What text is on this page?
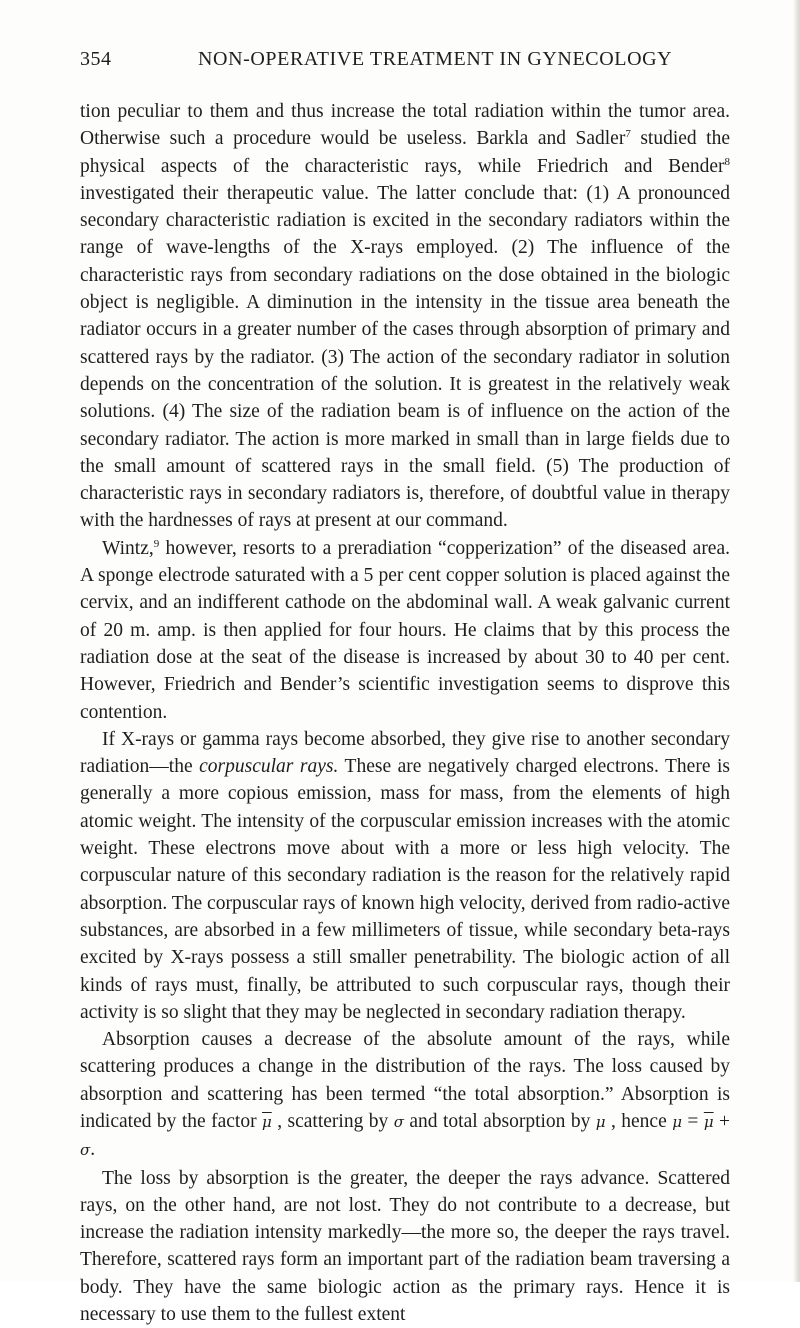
354	NON-OPERATIVE TREATMENT IN GYNECOLOGY

tion peculiar to them and thus increase the total radiation within the tumor area. Otherwise such a procedure would be useless. Barkla and Sadler$^7$ studied the physical aspects of the characteristic rays, while Friedrich and Bender$^8$ investigated their therapeutic value. The latter conclude that: (1) A pronounced secondary characteristic radiation is excited in the secondary radiators within the range of wave-lengths of the X-rays employed. (2) The influence of the characteristic rays from secondary radiations on the dose obtained in the biologic object is negligible. A diminution in the intensity in the tissue area beneath the radiator occurs in a greater number of the cases through absorption of primary and scattered rays by the radiator. (3) The action of the secondary radiator in solution depends on the concentration of the solution. It is greatest in the relatively weak solutions. (4) The size of the radiation beam is of influence on the action of the secondary radiator. The action is more marked in small than in large fields due to the small amount of scattered rays in the small field. (5) The production of characteristic rays in secondary radiators is, therefore, of doubtful value in therapy with the hardnesses of rays at present at our command.

Wintz,$^9$ however, resorts to a preradiation “copperization” of the diseased area. A sponge electrode saturated with a 5 per cent copper solution is placed against the cervix, and an indifferent cathode on the abdominal wall. A weak galvanic current of 20 m. amp. is then applied for four hours. He claims that by this process the radiation dose at the seat of the disease is increased by about 30 to 40 per cent. However, Friedrich and Bender’s scientific investigation seems to disprove this contention.

If X-rays or gamma rays become absorbed, they give rise to another secondary radiation—the corpuscular rays. These are negatively charged electrons. There is generally a more copious emission, mass for mass, from the elements of high atomic weight. The intensity of the corpuscular emission increases with the atomic weight. These electrons move about with a more or less high velocity. The corpuscular nature of this secondary radiation is the reason for the relatively rapid absorption. The corpuscular rays of known high velocity, derived from radio-active substances, are absorbed in a few millimeters of tissue, while secondary beta-rays excited by X-rays possess a still smaller penetrability. The biologic action of all kinds of rays must, finally, be attributed to such corpuscular rays, though their activity is so slight that they may be neglected in secondary radiation therapy.

Absorption causes a decrease of the absolute amount of the rays, while scattering produces a change in the distribution of the rays. The loss caused by absorption and scattering has been termed “the total absorption.” Absorption is indicated by the factor $\overline{\mu}$ , scattering by σ and total absorption by μ , hence $\mu = \overline{\mu} + \sigma$.

The loss by absorption is the greater, the deeper the rays advance. Scattered rays, on the other hand, are not lost. They do not contribute to a decrease, but increase the radiation intensity markedly—the more so, the deeper the rays travel. Therefore, scattered rays form an important part of the radiation beam traversing a body. They have the same biologic action as the primary rays. Hence it is necessary to use them to the fullest extent
